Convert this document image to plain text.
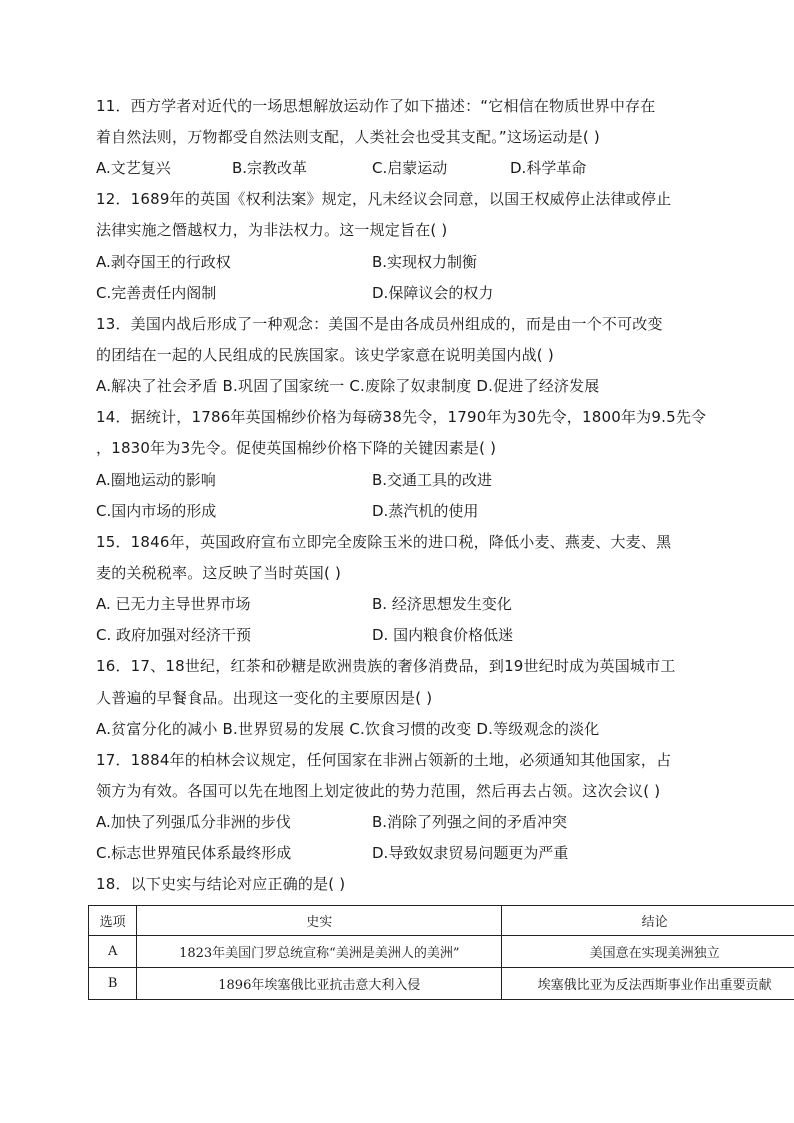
11．西方学者对近代的一场思想解放运动作了如下描述：“它相信在物质世界中存在
着自然法则，万物都受自然法则支配，人类社会也受其支配。”这场运动是( )
A.文艺复兴	B.宗教改革	C.启蒙运动	D.科学革命
12．1689年的英国《权利法案》规定，凡未经议会同意，以国王权威停止法律或停止
法律实施之僭越权力，为非法权力。这一规定旨在( )
A.剥夺国王的行政权	B.实现权力制衡
C.完善责任内阁制	D.保障议会的权力
13．美国内战后形成了一种观念：美国不是由各成员州组成的，而是由一个不可改变
的团结在一起的人民组成的民族国家。该史学家意在说明美国内战( )
A.解决了社会矛盾 B.巩固了国家统一 C.废除了奴隶制度 D.促进了经济发展
14．据统计，1786年英国棉纱价格为每磅38先令，1790年为30先令，1800年为9.5先令
，1830年为3先令。促使英国棉纱价格下降的关键因素是( )
A.圈地运动的影响	B.交通工具的改进
C.国内市场的形成	D.蒸汽机的使用
15．1846年，英国政府宣布立即完全废除玉米的进口税，降低小麦、燕麦、大麦、黑
麦的关税税率。这反映了当时英国( )
A. 已无力主导世界市场	B. 经济思想发生变化
C. 政府加强对经济干预	D. 国内粮食价格低迷
16．17、18世纪，红茶和砂糖是欧洲贵族的奢侈消费品，到19世纪时成为英国城市工
人普遍的早餐食品。出现这一变化的主要原因是( )
A.贫富分化的减小 B.世界贸易的发展 C.饮食习惯的改变 D.等级观念的淡化
17．1884年的柏林会议规定，任何国家在非洲占领新的土地，必须通知其他国家，占
领方为有效。各国可以先在地图上划定彼此的势力范围，然后再去占领。这次会议( )
A.加快了列强瓜分非洲的步伐	B.消除了列强之间的矛盾冲突
C.标志世界殖民体系最终形成	D.导致奴隶贸易问题更为严重
18．以下史实与结论对应正确的是( )
选项	史实	结论
A	1823年美国门罗总统宣称“美洲是美洲人的美洲”	美国意在实现美洲独立
B	1896年埃塞俄比亚抗击意大利入侵	埃塞俄比亚为反法西斯事业作出重要贡献
